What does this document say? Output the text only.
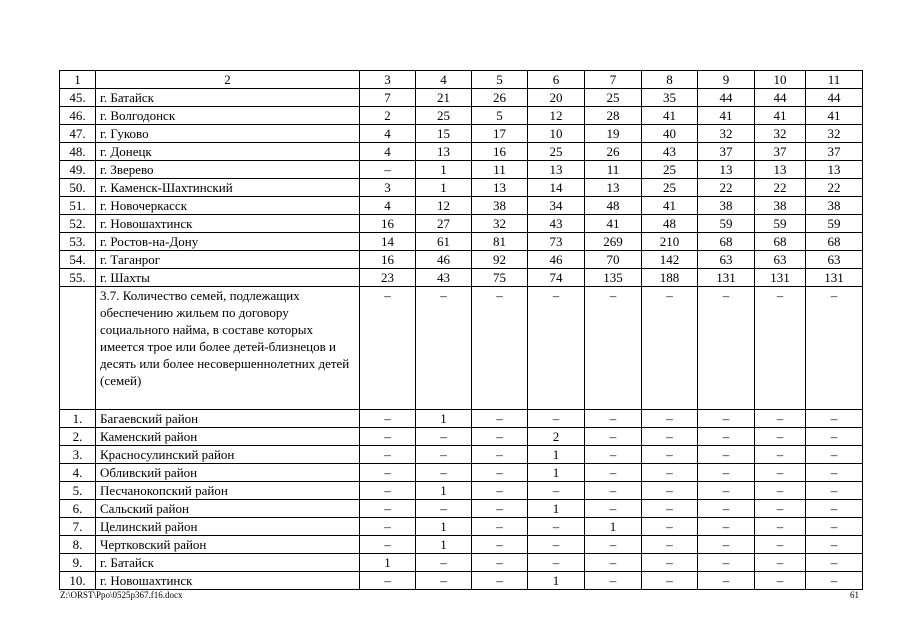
1	2	3	4	5	6	7	8	9	10	11
45.	г. Батайск	7	21	26	20	25	35	44	44	44
46.	г. Волгодонск	2	25	5	12	28	41	41	41	41
47.	г. Гуково	4	15	17	10	19	40	32	32	32
48.	г. Донецк	4	13	16	25	26	43	37	37	37
49.	г. Зверево	–	1	11	13	11	25	13	13	13
50.	г. Каменск-Шахтинский	3	1	13	14	13	25	22	22	22
51.	г. Новочеркасск	4	12	38	34	48	41	38	38	38
52.	г. Новошахтинск	16	27	32	43	41	48	59	59	59
53.	г. Ростов-на-Дону	14	61	81	73	269	210	68	68	68
54.	г. Таганрог	16	46	92	46	70	142	63	63	63
55.	г. Шахты	23	43	75	74	135	188	131	131	131
	3.7. Количество семей, подлежащих обеспечению жильем по договору социального найма, в составе которых имеется трое или более детей-близнецов и десять или более несовершеннолетних детей (семей)	–	–	–	–	–	–	–	–	–
1.	Багаевский район	–	1	–	–	–	–	–	–	–
2.	Каменский район	–	–	–	2	–	–	–	–	–
3.	Красносулинский район	–	–	–	1	–	–	–	–	–
4.	Обливский район	–	–	–	1	–	–	–	–	–
5.	Песчанокопский район	–	1	–	–	–	–	–	–	–
6.	Сальский район	–	–	–	1	–	–	–	–	–
7.	Целинский район	–	1	–	–	1	–	–	–	–
8.	Чертковский район	–	1	–	–	–	–	–	–	–
9.	г. Батайск	1	–	–	–	–	–	–	–	–
10.	г. Новошахтинск	–	–	–	1	–	–	–	–	–
Z:\ORST\Ppo\0525p367.f16.docx	61
